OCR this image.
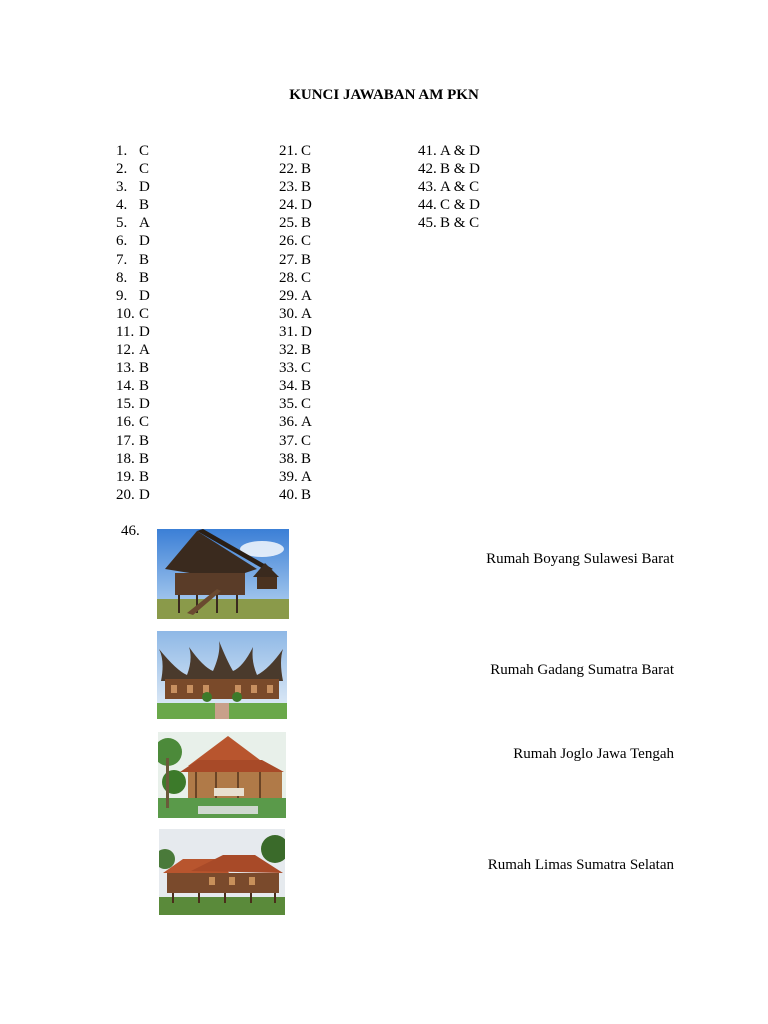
KUNCI JAWABAN AM PKN
1. C
2. C
3. D
4. B
5. A
6. D
7. B
8. B
9. D
10. C
11. D
12. A
13. B
14. B
15. D
16. C
17. B
18. B
19. B
20. D
21. C
22. B
23. B
24. D
25. B
26. C
27. B
28. C
29. A
30. A
31. D
32. B
33. C
34. B
35. C
36. A
37. C
38. B
39. A
40. B
41. A & D
42. B & D
43. A & C
44. C & D
45. B & C
46.
Rumah Boyang Sulawesi Barat
Rumah Gadang Sumatra Barat
Rumah Joglo Jawa Tengah
Rumah Limas Sumatra Selatan
